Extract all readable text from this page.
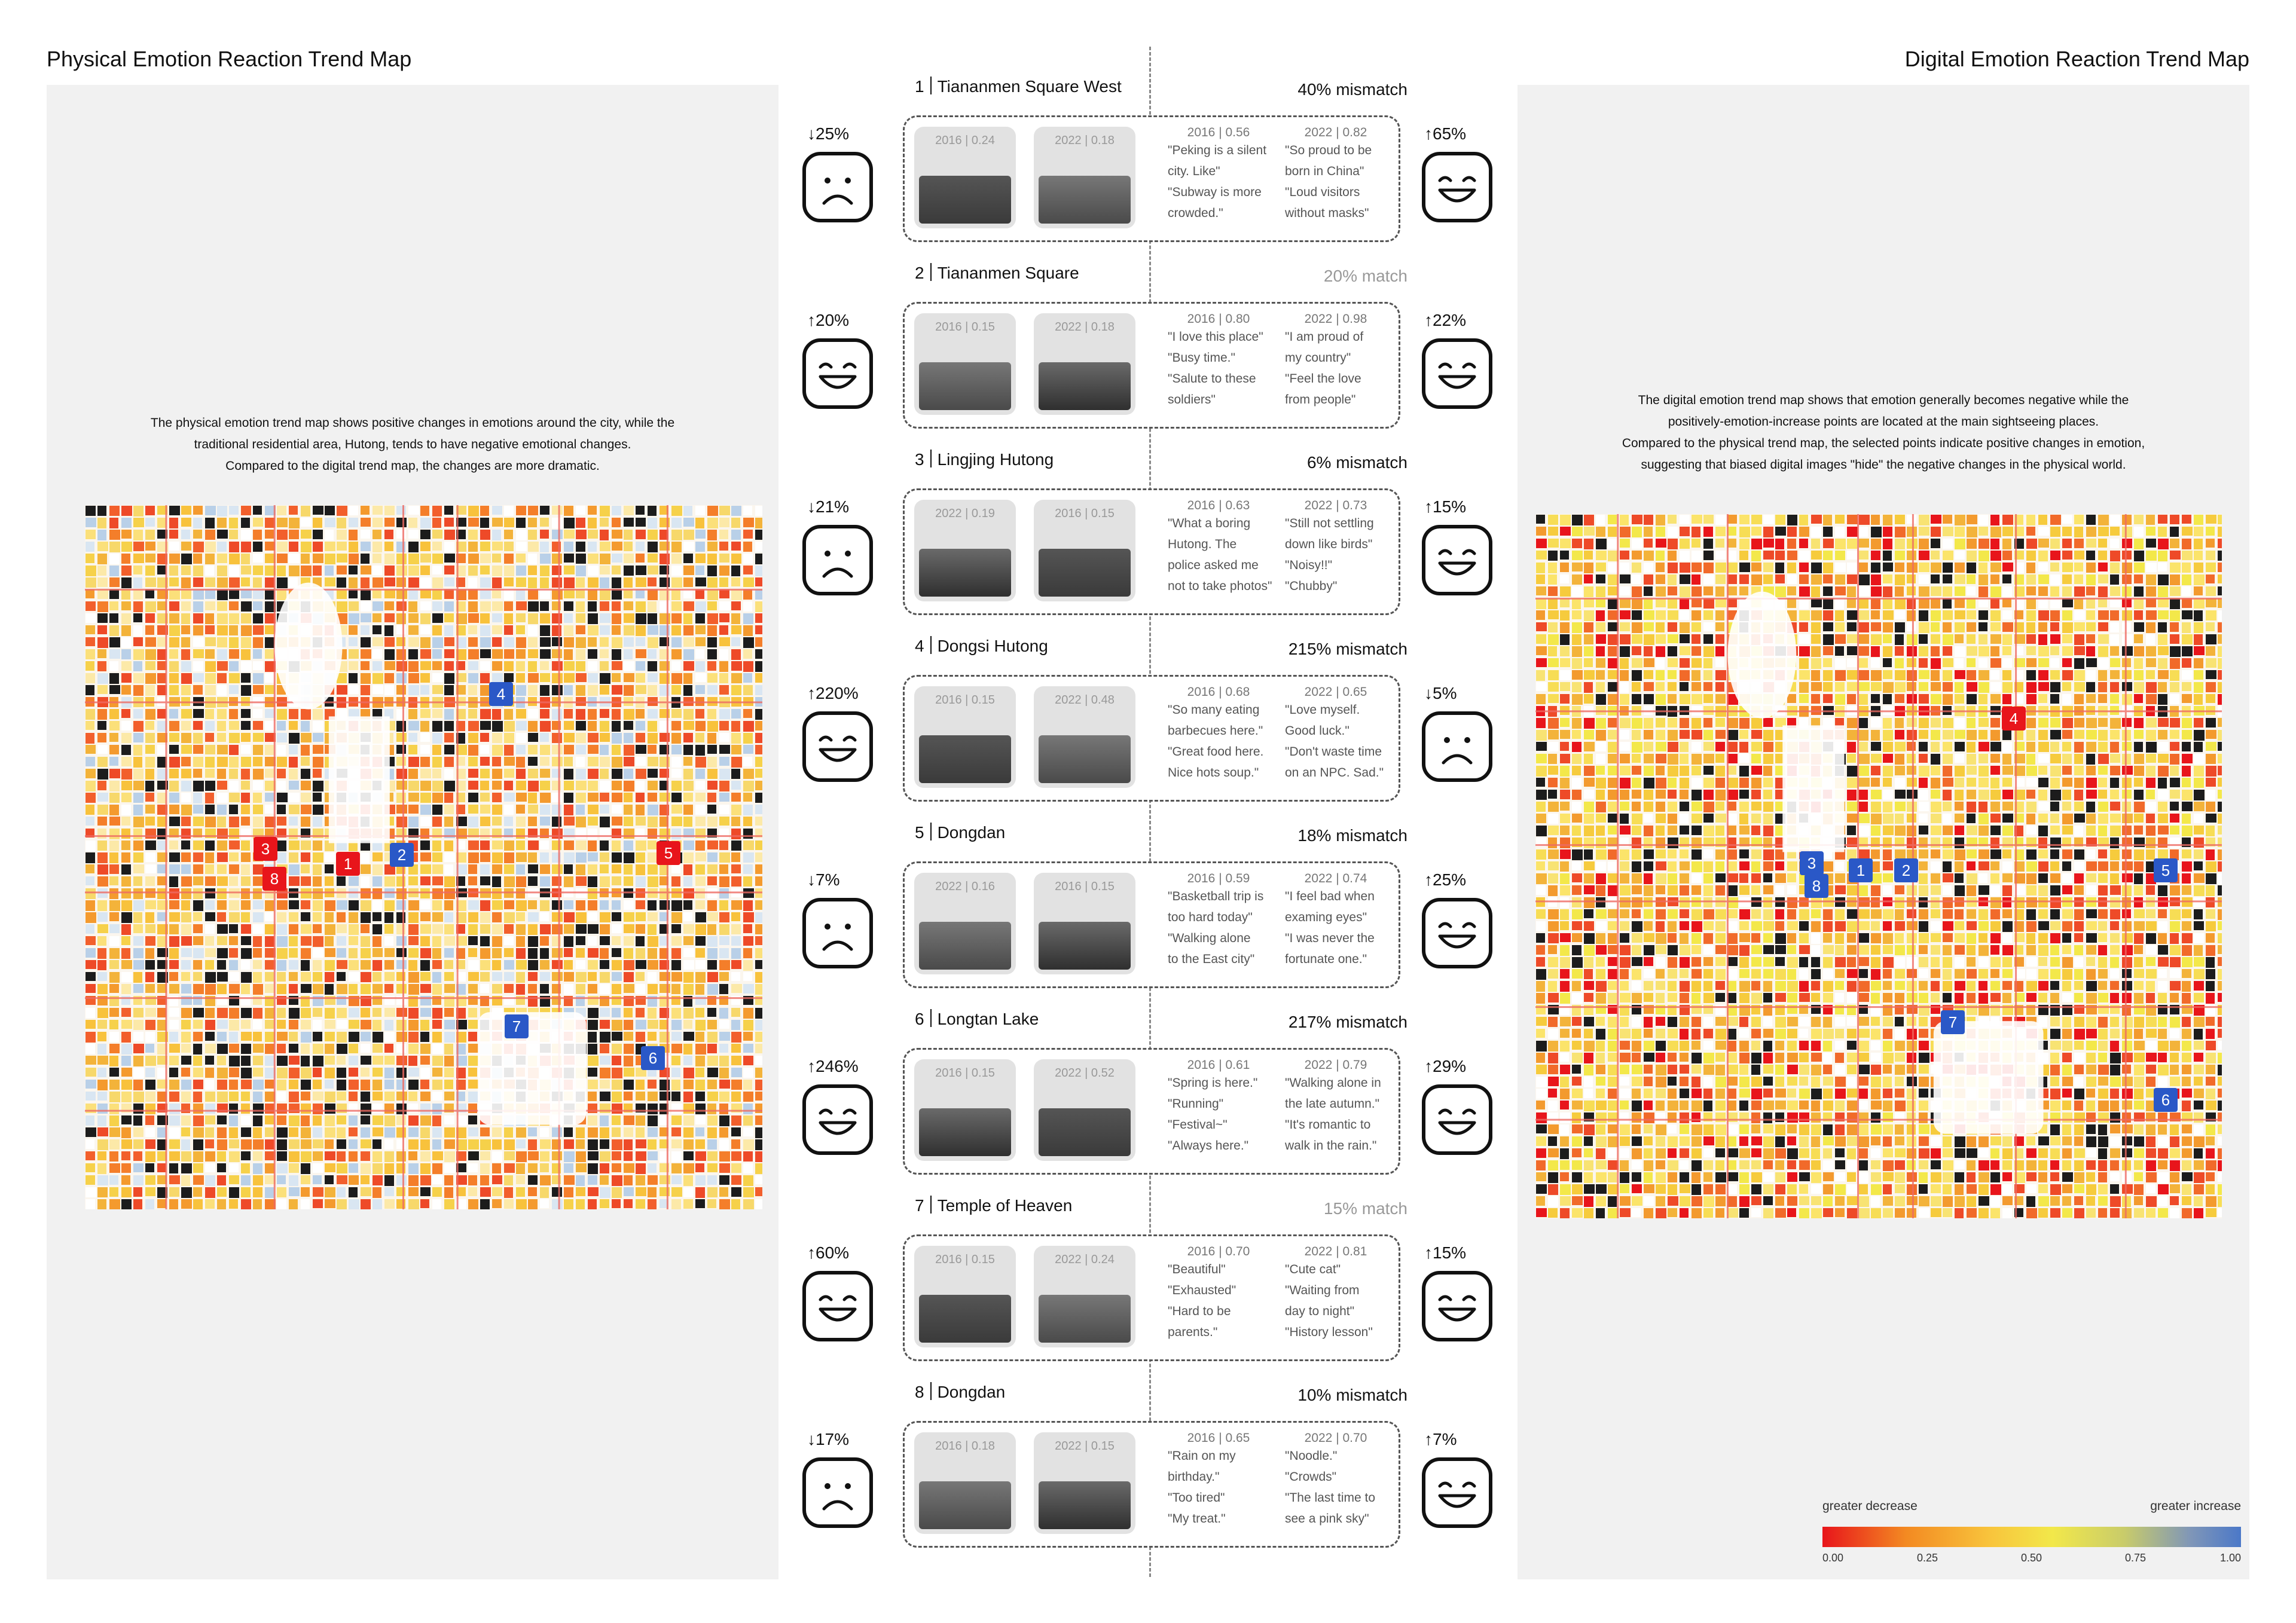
Physical Emotion Reaction Trend Map	Digital Emotion Reaction Trend Map
The physical emotion trend map shows positive changes in emotions around the city, while the
traditional residential area, Hutong, tends to have negative emotional changes.
Compared to the digital trend map, the changes are more dramatic.
1	2
3
4
5
6
7
8
The digital emotion trend map shows that emotion generally becomes negative while the
positively-emotion-increase points are located at the main sightseeing places.
Compared to the physical trend map, the selected points indicate positive changes in emotion,
suggesting that biased digital images "hide" the negative changes in the physical world.
1	2
3
4
5
6
7
8
greater decrease	greater increase
0.00	0.25	0.50	0.75	1.00
1 Tiananmen Square West	40% mismatch
↓25%	↑65%
2016 | 0.24	2022 | 0.18
2016 | 0.56
"Peking is a silent
city. Like"
"Subway is more
crowded."
2022 | 0.82
"So proud to be
born in China"
"Loud visitors
without masks"
2 Tiananmen Square	20% match
↑20%	↑22%
2016 | 0.15	2022 | 0.18
2016 | 0.80
"I love this place"
"Busy time."
"Salute to these
soldiers"
2022 | 0.98
"I am proud of
my country"
"Feel the love
from people"
3 Lingjing Hutong	6% mismatch
↓21%	↑15%
2022 | 0.19	2016 | 0.15
2016 | 0.63
"What a boring
Hutong. The
police asked me
not to take photos"
2022 | 0.73
"Still not settling
down like birds"
"Noisy!!"
"Chubby"
4 Dongsi Hutong	215% mismatch
↑220%	↓5%
2016 | 0.15	2022 | 0.48
2016 | 0.68
"So many eating
barbecues here."
"Great food here.
Nice hots soup."
2022 | 0.65
"Love myself.
Good luck."
"Don't waste time
on an NPC. Sad."
5 Dongdan	18% mismatch
↓7%	↑25%
2022 | 0.16	2016 | 0.15
2016 | 0.59
"Basketball trip is
too hard today"
"Walking alone
to the East city"
2022 | 0.74
"I feel bad when
examing eyes"
"I was never the
fortunate one."
6 Longtan Lake	217% mismatch
↑246%	↑29%
2016 | 0.15	2022 | 0.52
2016 | 0.61
"Spring is here."
"Running"
"Festival~"
"Always here."
2022 | 0.79
"Walking alone in
the late autumn."
"It's romantic to
walk in the rain."
7 Temple of Heaven	15% match
↑60%	↑15%
2016 | 0.15	2022 | 0.24
2016 | 0.70
"Beautiful"
"Exhausted"
"Hard to be
parents."
2022 | 0.81
"Cute cat"
"Waiting from
day to night"
"History lesson"
8 Dongdan	10% mismatch
↓17%	↑7%
2016 | 0.18	2022 | 0.15
2016 | 0.65
"Rain on my
birthday."
"Too tired"
"My treat."
2022 | 0.70
"Noodle."
"Crowds"
"The last time to
see a pink sky"
